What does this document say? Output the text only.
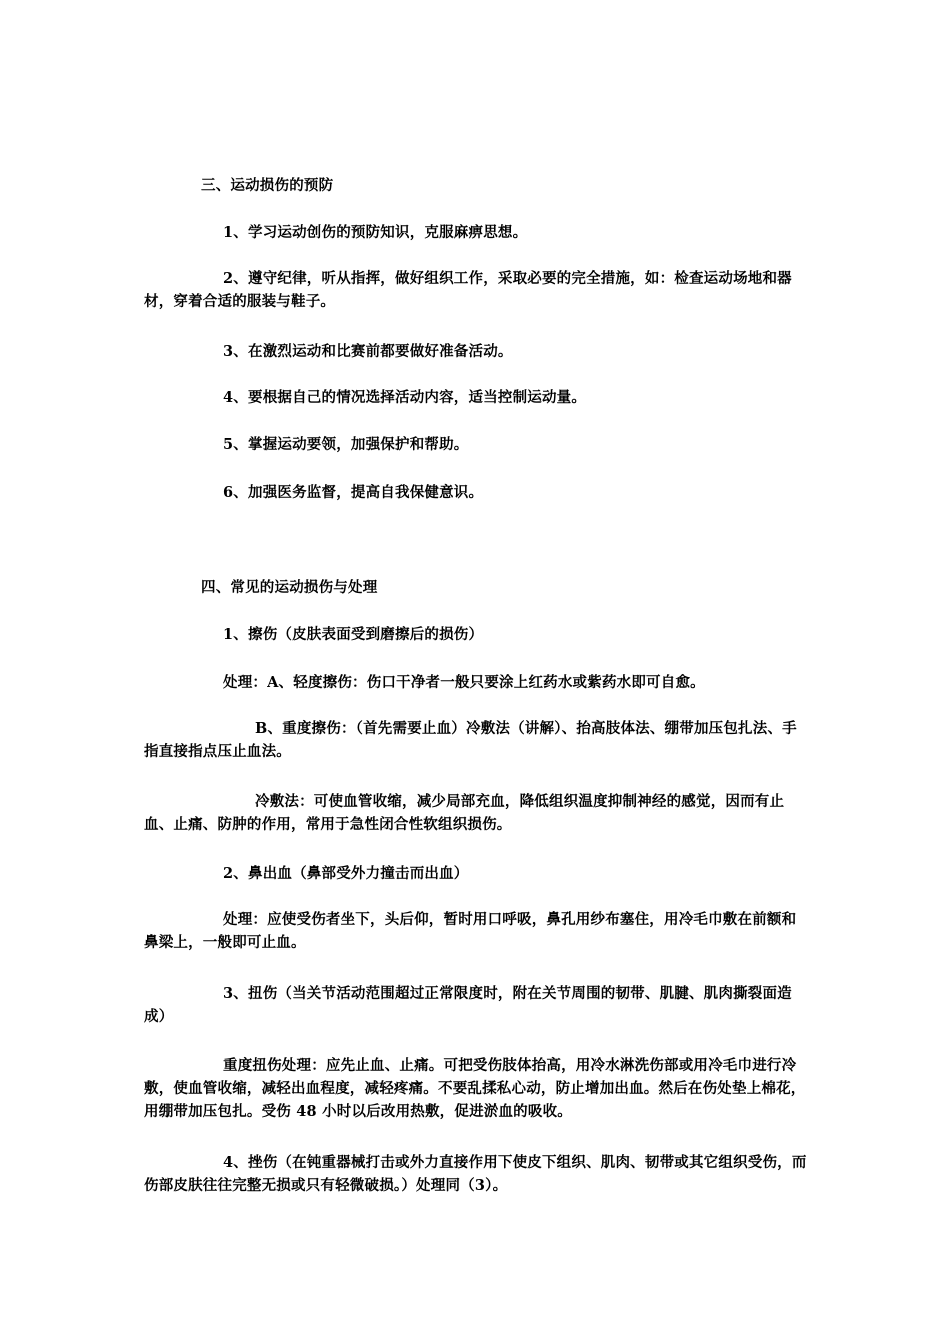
三、运动损伤的预防

1、学习运动创伤的预防知识，克服麻痹思想。

2、遵守纪律，听从指挥，做好组织工作，采取必要的完全措施，如：检查运动场地和器材，穿着合适的服装与鞋子。

3、在激烈运动和比赛前都要做好准备活动。

4、要根据自己的情况选择活动内容，适当控制运动量。

5、掌握运动要领，加强保护和帮助。

6、加强医务监督，提高自我保健意识。

四、常见的运动损伤与处理

1、擦伤（皮肤表面受到磨擦后的损伤）

处理：A、轻度擦伤：伤口干净者一般只要涂上红药水或紫药水即可自愈。

B、重度擦伤：（首先需要止血）冷敷法（讲解）、抬高肢体法、绷带加压包扎法、手指直接指点压止血法。

冷敷法：可使血管收缩，减少局部充血，降低组织温度抑制神经的感觉，因而有止血、止痛、防肿的作用，常用于急性闭合性软组织损伤。

2、鼻出血（鼻部受外力撞击而出血）

处理：应使受伤者坐下，头后仰，暂时用口呼吸，鼻孔用纱布塞住，用冷毛巾敷在前额和鼻梁上，一般即可止血。

3、扭伤（当关节活动范围超过正常限度时，附在关节周围的韧带、肌腱、肌肉撕裂面造成）

重度扭伤处理：应先止血、止痛。可把受伤肢体抬高，用冷水淋洗伤部或用冷毛巾进行冷敷，使血管收缩，减轻出血程度，减轻疼痛。不要乱揉私心动，防止增加出血。然后在伤处垫上棉花，用绷带加压包扎。受伤 48 小时以后改用热敷，促进淤血的吸收。

4、挫伤（在钝重器械打击或外力直接作用下使皮下组织、肌肉、韧带或其它组织受伤，而伤部皮肤往往完整无损或只有轻微破损。）处理同（3）。
